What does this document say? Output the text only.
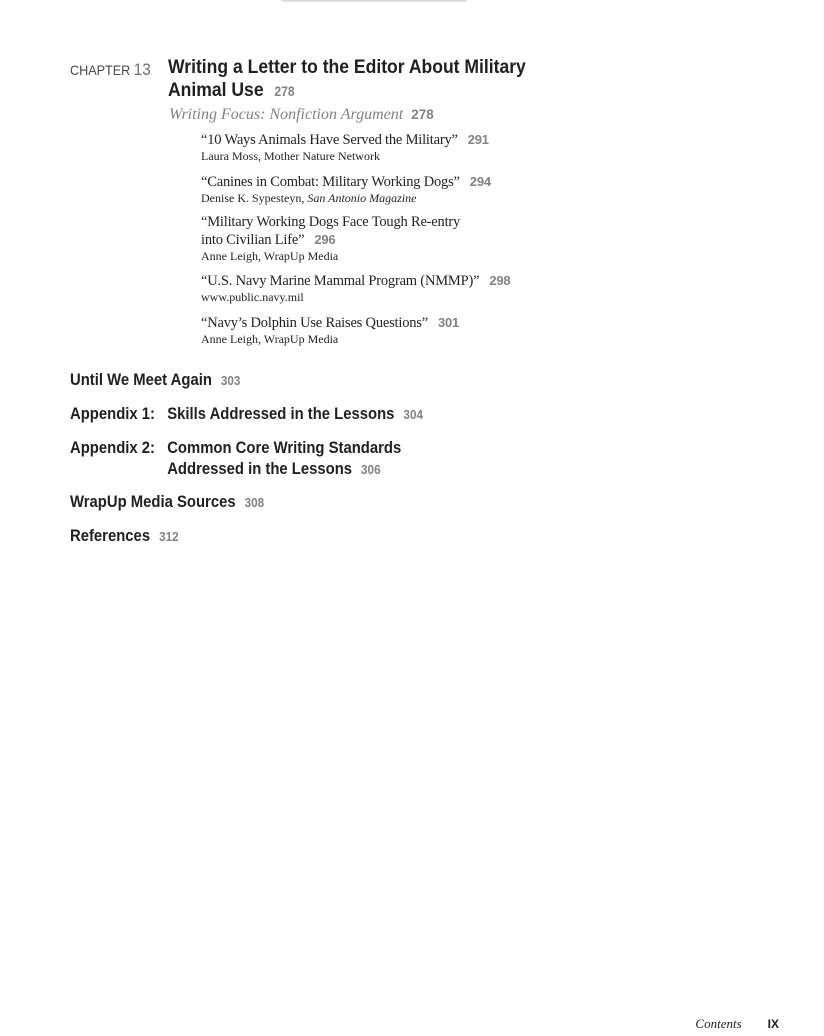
CHAPTER 13 Writing a Letter to the Editor About Military
Animal Use 278
Writing Focus: Nonfiction Argument 278
“10 Ways Animals Have Served the Military” 291
Laura Moss, Mother Nature Network
“Canines in Combat: Military Working Dogs” 294
Denise K. Sypesteyn, San Antonio Magazine
“Military Working Dogs Face Tough Re-entry
into Civilian Life” 296
Anne Leigh, WrapUp Media
“U.S. Navy Marine Mammal Program (NMMP)” 298
www.public.navy.mil
“Navy’s Dolphin Use Raises Questions” 301
Anne Leigh, WrapUp Media
Until We Meet Again 303
Appendix 1: Skills Addressed in the Lessons 304
Appendix 2: Common Core Writing Standards
Addressed in the Lessons 306
WrapUp Media Sources 308
References 312
Contents IX
